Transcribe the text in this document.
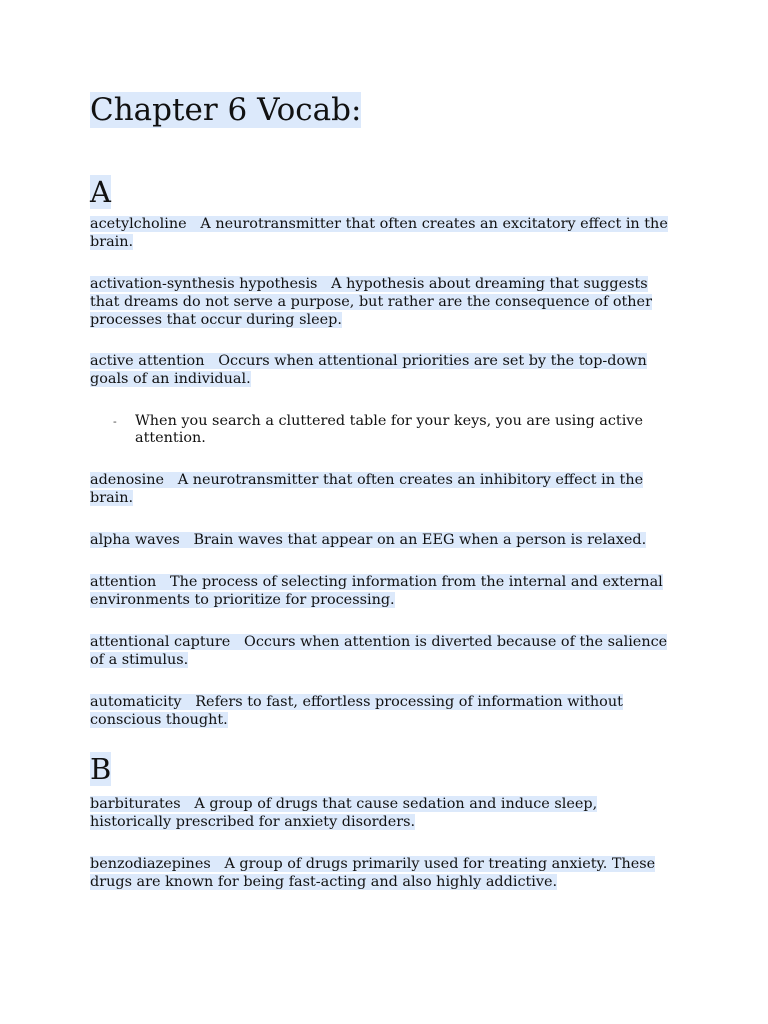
Chapter 6 Vocab:
A

acetylcholine A neurotransmitter that often creates an excitatory effect in the brain.

activation-synthesis hypothesis A hypothesis about dreaming that suggests that dreams do not serve a purpose, but rather are the consequence of other processes that occur during sleep.

active attention Occurs when attentional priorities are set by the top-down goals of an individual.

- When you search a cluttered table for your keys, you are using active attention.

adenosine A neurotransmitter that often creates an inhibitory effect in the brain.

alpha waves Brain waves that appear on an EEG when a person is relaxed.

attention The process of selecting information from the internal and external environments to prioritize for processing.

attentional capture Occurs when attention is diverted because of the salience of a stimulus.

automaticity Refers to fast, effortless processing of information without conscious thought.

B

barbiturates A group of drugs that cause sedation and induce sleep, historically prescribed for anxiety disorders.

benzodiazepines A group of drugs primarily used for treating anxiety. These drugs are known for being fast-acting and also highly addictive.
